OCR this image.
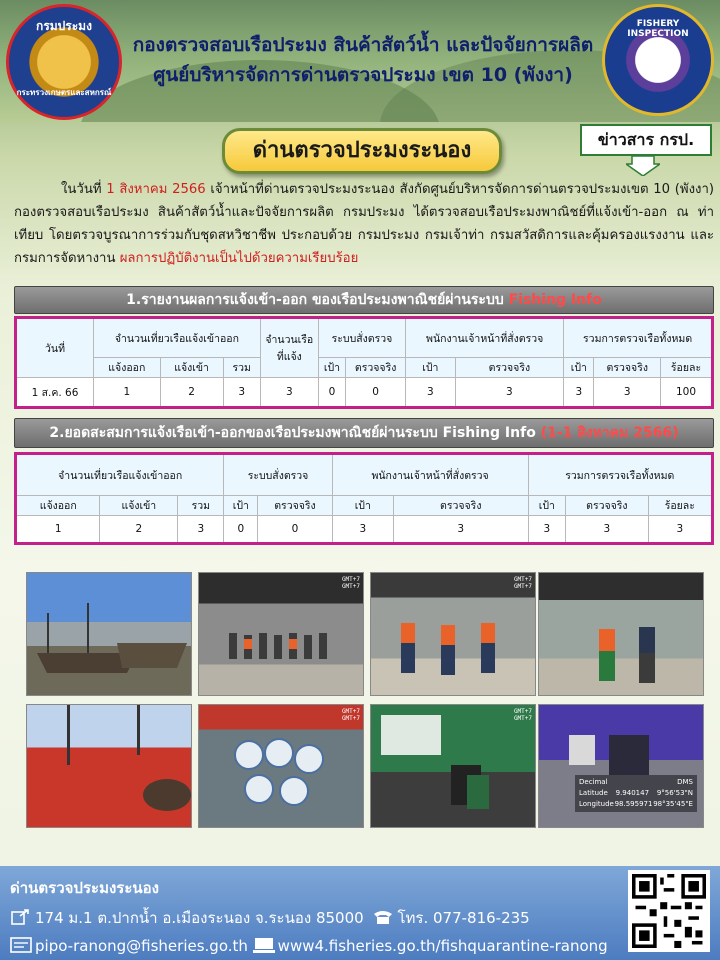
กรมประมง
กระทรวงเกษตรและสหกรณ์
กองตรวจสอบเรือประมง สินค้าสัตว์น้ำ และปัจจัยการผลิต
ศูนย์บริหารจัดการด่านตรวจประมง เขต 10 (พังงา)
FISHERY INSPECTION
ด่านตรวจประมงระนอง	ข่าวสาร กรป.
ในวันที่ 1 สิงหาคม 2566 เจ้าหน้าที่ด่านตรวจประมงระนอง สังกัดศูนย์บริหารจัดการด่านตรวจประมงเขต 10 (พังงา) กองตรวจสอบเรือประมง สินค้าสัตว์น้ำและปัจจัยการผลิต กรมประมง ได้ตรวจสอบเรือประมงพาณิชย์ที่แจ้งเข้า-ออก ณ ท่าเทียบ โดยตรวจบูรณาการร่วมกับชุดสหวิชาชีพ ประกอบด้วย กรมประมง กรมเจ้าท่า กรมสวัสดิการและคุ้มครองแรงงาน และกรมการจัดหางาน ผลการปฏิบัติงานเป็นไปด้วยความเรียบร้อย
1.รายงานผลการแจ้งเข้า-ออก ของเรือประมงพาณิชย์ผ่านระบบ Fishing Info
วันที่	จำนวนเที่ยวเรือแจ้งเข้าออก			จำนวนเรือที่แจ้ง	ระบบสั่งตรวจ		พนักงานเจ้าหน้าที่สั่งตรวจ		รวมการตรวจเรือทั้งหมด		
	แจ้งออก	แจ้งเข้า	รวม		เป้า	ตรวจจริง	เป้า	ตรวจจริง	เป้า	ตรวจจริง	ร้อยละ
1 ส.ค. 66	1	2	3	3	0	0	3	3	3	3	100
2.ยอดสะสมการแจ้งเรือเข้า-ออกของเรือประมงพาณิชย์ผ่านระบบ Fishing Info (1-1 สิงหาคม 2566)
จำนวนเที่ยวเรือแจ้งเข้าออก			ระบบสั่งตรวจ		พนักงานเจ้าหน้าที่สั่งตรวจ		รวมการตรวจเรือทั้งหมด		
แจ้งออก	แจ้งเข้า	รวม	เป้า	ตรวจจริง	เป้า	ตรวจจริง	เป้า	ตรวจจริง	ร้อยละ
1	2	3	0	0	3	3	3	3	3
GMT+7
GMT+7
GMT+7
GMT+7
GMT+7
GMT+7
GMT+7
GMT+7
Decimal	DMS
Latitude 9.940147 9°56'53"N
Longitude 98.595971 98°35'45"E
ด่านตรวจประมงระนอง
174 ม.1 ต.ปากน้ำ อ.เมืองระนอง จ.ระนอง 85000 โทร. 077-816-235
pipo-ranong@fisheries.go.th www4.fisheries.go.th/fishquarantine-ranong
